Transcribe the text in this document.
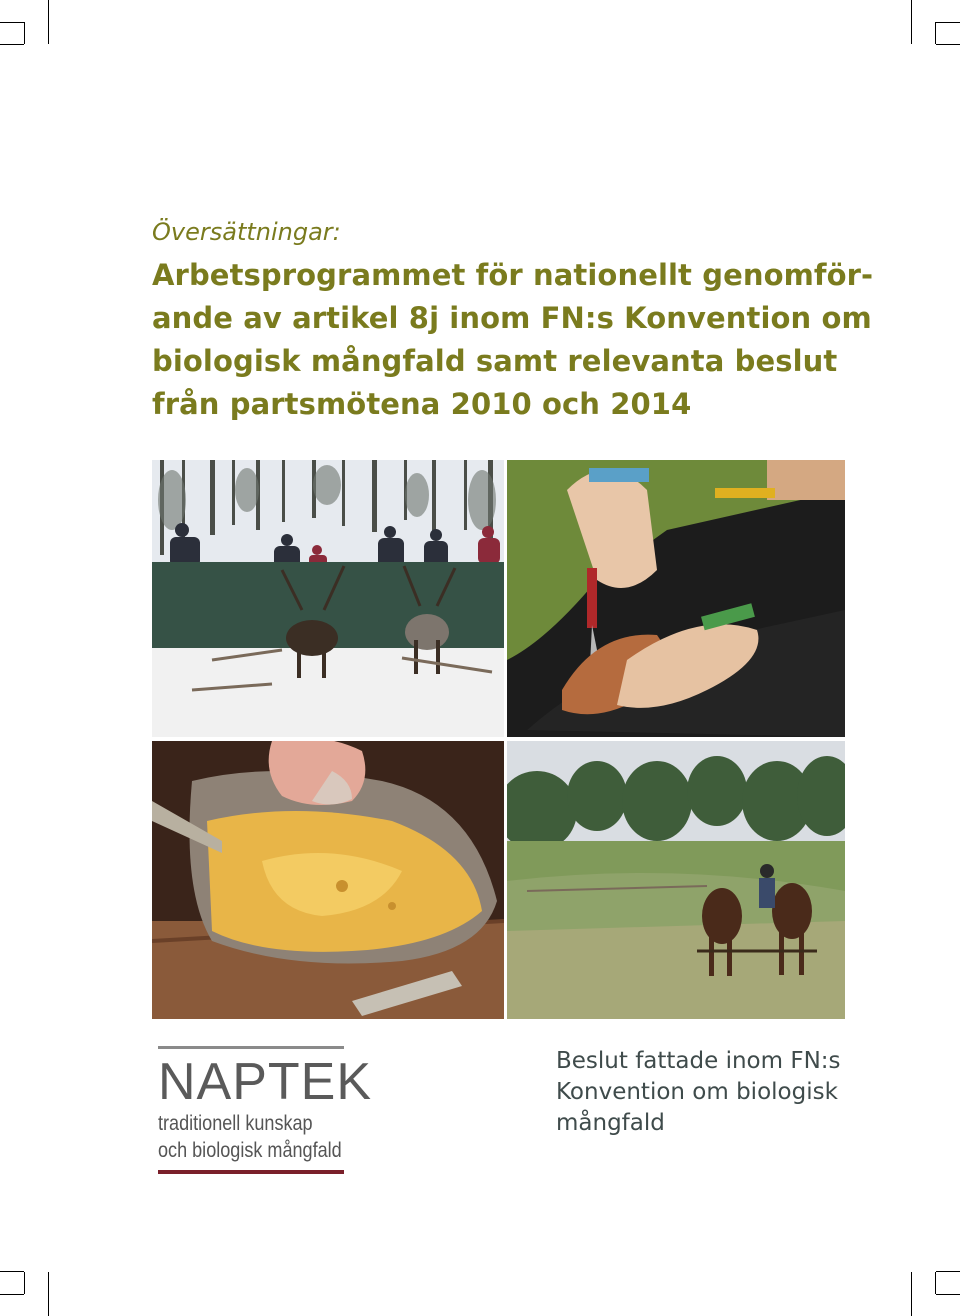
Översättningar:
Arbetsprogrammet för nationellt genomför-
ande av artikel 8j inom FN:s Konvention om
biologisk mångfald samt relevanta beslut
från partsmötena 2010 och 2014
NAPTEK
traditionell kunskap
och biologisk mångfald
Beslut fattade inom FN:s
Konvention om biologisk
mångfald
